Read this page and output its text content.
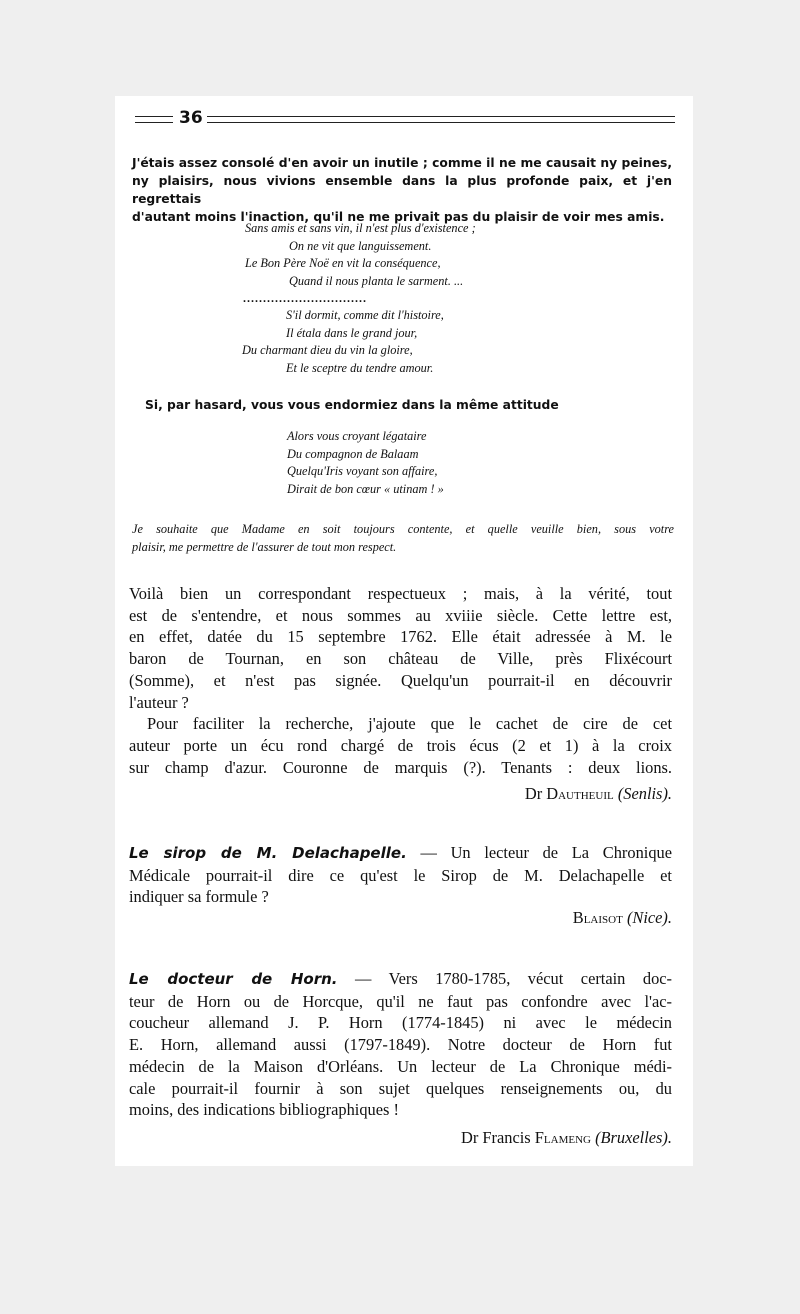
36
J'étais assez consolé d'en avoir un inutile ; comme il ne me causait ny peines,
ny plaisirs, nous vivions ensemble dans la plus profonde paix, et j'en regrettais
d'autant moins l'inaction, qu'il ne me privait pas du plaisir de voir mes amis.
Sans amis et sans vin, il n'est plus d'existence ;
On ne vit que languissement.
Le Bon Père Noë en vit la conséquence,
Quand il nous planta le sarment. ...
...............................
S'il dormit, comme dit l'histoire,
Il étala dans le grand jour,
Du charmant dieu du vin la gloire,
Et le sceptre du tendre amour.
Si, par hasard, vous vous endormiez dans la même attitude
Alors vous croyant légataire
Du compagnon de Balaam
Quelqu'Iris voyant son affaire,
Dirait de bon cœur « utinam ! »
Je souhaite que Madame en soit toujours contente, et quelle veuille bien, sous votre
plaisir, me permettre de l'assurer de tout mon respect.
Voilà bien un correspondant respectueux ; mais, à la vérité, tout
est de s'entendre, et nous sommes au xviiie siècle. Cette lettre est,
en effet, datée du 15 septembre 1762. Elle était adressée à M. le
baron de Tournan, en son château de Ville, près Flixécourt
(Somme), et n'est pas signée. Quelqu'un pourrait-il en découvrir
l'auteur ?
Pour faciliter la recherche, j'ajoute que le cachet de cire de cet
auteur porte un écu rond chargé de trois écus (2 et 1) à la croix
sur champ d'azur. Couronne de marquis (?). Tenants : deux lions.
Dr Dautheuil (Senlis).
Le sirop de M. Delachapelle. — Un lecteur de La Chronique
Médicale pourrait-il dire ce qu'est le Sirop de M. Delachapelle et
indiquer sa formule ?
Blaisot (Nice).
Le docteur de Horn. — Vers 1780-1785, vécut certain doc-
teur de Horn ou de Horcque, qu'il ne faut pas confondre avec l'ac-
coucheur allemand J. P. Horn (1774-1845) ni avec le médecin
E. Horn, allemand aussi (1797-1849). Notre docteur de Horn fut
médecin de la Maison d'Orléans. Un lecteur de La Chronique médi-
cale pourrait-il fournir à son sujet quelques renseignements ou, du
moins, des indications bibliographiques !
Dr Francis Flameng (Bruxelles).
